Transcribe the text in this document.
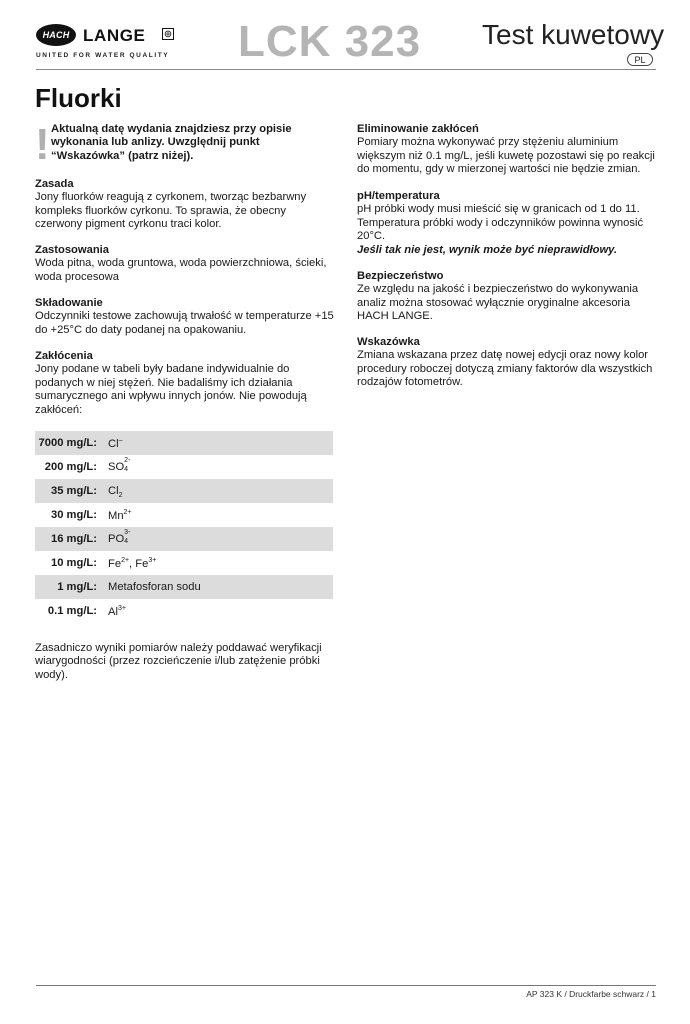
HACH LANGE	◎
UNITED FOR WATER QUALITY LCK 323 Test kuwetowy
PL
Fluorki
! Aktualną datę wydania znajdziesz przy opisie wykonania lub anlizy. Uwzględnij punkt “Wskazówka” (patrz niżej).

Zasada

Jony fluorków reagują z cyrkonem, tworząc bezbarwny kompleks fluorków cyrkonu. To sprawia, że obecny czerwony pigment cyrkonu traci kolor.

Zastosowania

Woda pitna, woda gruntowa, woda powierzchniowa, ścieki, woda procesowa

Składowanie

Odczynniki testowe zachowują trwałość w temperaturze +15 do +25°C do daty podanej na opakowaniu.

Zakłócenia

Jony podane w tabeli były badane indywidualnie do podanych w niej stężeń. Nie badaliśmy ich działania sumarycznego ani wpływu innych jonów. Nie powodują zakłóceń:

7000 mg/L: Cl–
200 mg/L: SO
2-
4
35 mg/L: $Cl_2$
30 mg/L: $Mn^{2+}$
16 mg/L: PO
3-
4
10 mg/L: $Fe^{2+}$, $Fe^{3+}$
1 mg/L: Metafosforan sodu
0.1 mg/L: $Al^{3+}$

Zasadniczo wyniki pomiarów należy poddawać weryfikacji wiarygodności (przez rozcieńczenie i/lub zatężenie próbki wody).

Eliminowanie zakłóceń

Pomiary można wykonywać przy stężeniu aluminium większym niż 0.1 mg/L, jeśli kuwetę pozostawi się po reakcji do momentu, gdy w mierzonej wartości nie będzie zmian.

pH/temperatura

pH próbki wody musi mieścić się w granicach od 1 do 11. Temperatura próbki wody i odczynników powinna wynosić 20°C.

Jeśli tak nie jest, wynik może być nieprawidłowy.

Bezpieczeństwo

Ze względu na jakość i bezpieczeństwo do wykonywania analiz można stosować wyłącznie oryginalne akcesoria HACH LANGE.

Wskazówka

Zmiana wskazana przez datę nowej edycji oraz nowy kolor procedury roboczej dotyczą zmiany faktorów dla wszystkich rodzajów fotometrów.

AP 323 K / Druckfarbe schwarz / 1
